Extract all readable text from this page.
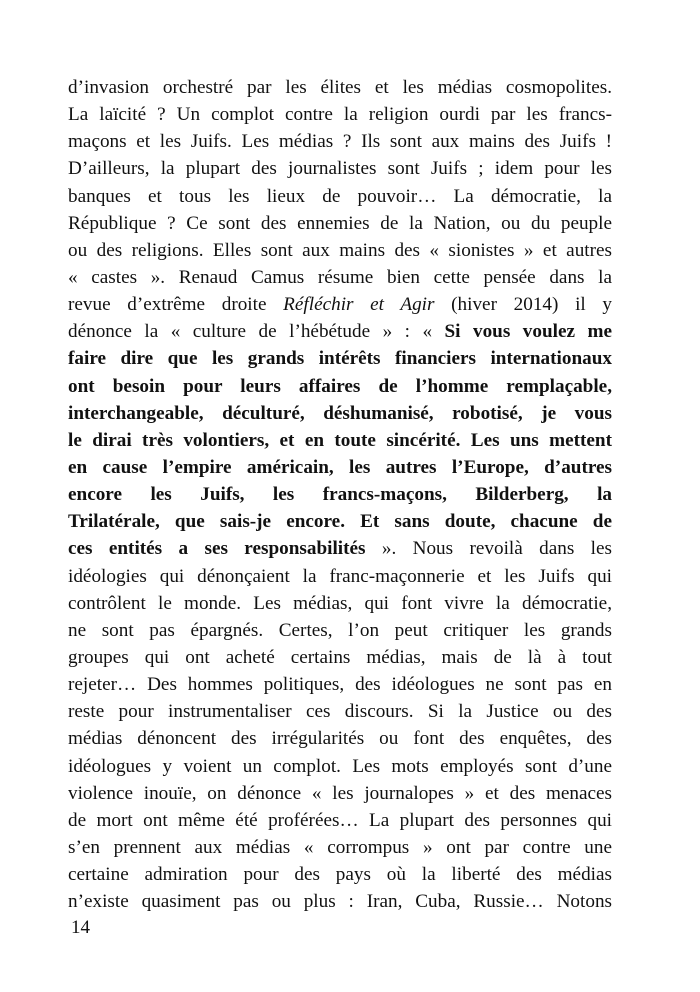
d’invasion orchestré par les élites et les médias cosmopolites.
La laïcité ? Un complot contre la religion ourdi par les francs-
maçons et les Juifs. Les médias ? Ils sont aux mains des Juifs !
D’ailleurs, la plupart des journalistes sont Juifs ; idem pour les
banques et tous les lieux de pouvoir… La démocratie, la
République ? Ce sont des ennemies de la Nation, ou du peuple
ou des religions. Elles sont aux mains des « sionistes » et autres
« castes ». Renaud Camus résume bien cette pensée dans la
revue d’extrême droite Réfléchir et Agir (hiver 2014) il y
dénonce la « culture de l’hébétude » : « Si vous voulez me
faire dire que les grands intérêts financiers internationaux
ont besoin pour leurs affaires de l’homme remplaçable,
interchangeable, déculturé, déshumanisé, robotisé, je vous
le dirai très volontiers, et en toute sincérité. Les uns mettent
en cause l’empire américain, les autres l’Europe, d’autres
encore les Juifs, les francs-maçons, Bilderberg, la
Trilatérale, que sais-je encore. Et sans doute, chacune de
ces entités a ses responsabilités ». Nous revoilà dans les
idéologies qui dénonçaient la franc-maçonnerie et les Juifs qui
contrôlent le monde. Les médias, qui font vivre la démocratie,
ne sont pas épargnés. Certes, l’on peut critiquer les grands
groupes qui ont acheté certains médias, mais de là à tout
rejeter… Des hommes politiques, des idéologues ne sont pas en
reste pour instrumentaliser ces discours. Si la Justice ou des
médias dénoncent des irrégularités ou font des enquêtes, des
idéologues y voient un complot. Les mots employés sont d’une
violence inouïe, on dénonce « les journalopes » et des menaces
de mort ont même été proférées… La plupart des personnes qui
s’en prennent aux médias « corrompus » ont par contre une
certaine admiration pour des pays où la liberté des médias
n’existe quasiment pas ou plus : Iran, Cuba, Russie… Notons
14
